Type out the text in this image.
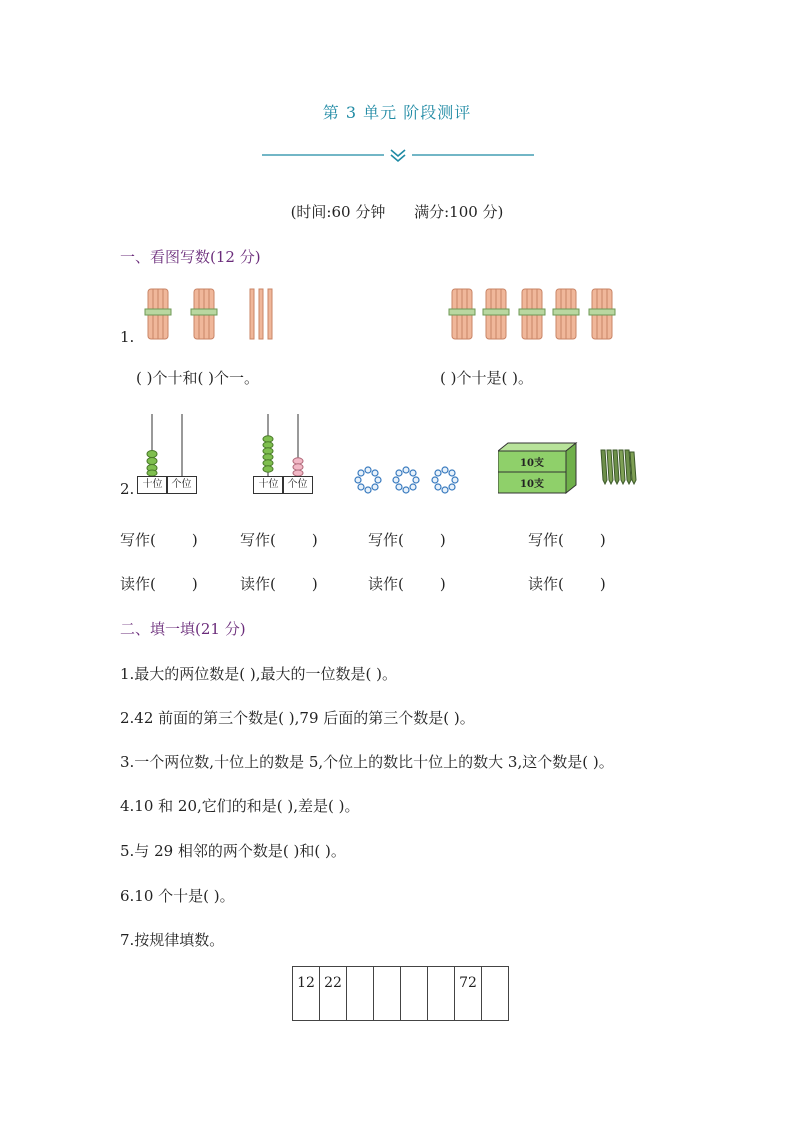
第 3 单元 阶段测评
(时间:60 分钟 满分:100 分)
一、看图写数(12 分)
1.
( )个十和( )个一。	( )个十是( )。
2. 十位 个位	十位 个位
10支
10支
写作( )	写作( )	写作( )	写作( )
读作( )	读作( )	读作( )	读作( )
二、填一填(21 分)
1.最大的两位数是( ),最大的一位数是( )。
2.42 前面的第三个数是( ),79 后面的第三个数是( )。
3.一个两位数,十位上的数是 5,个位上的数比十位上的数大 3,这个数是( )。
4.10 和 20,它们的和是( ),差是( )。
5.与 29 相邻的两个数是( )和( )。
6.10 个十是( )。
7.按规律填数。
12	22					72	
